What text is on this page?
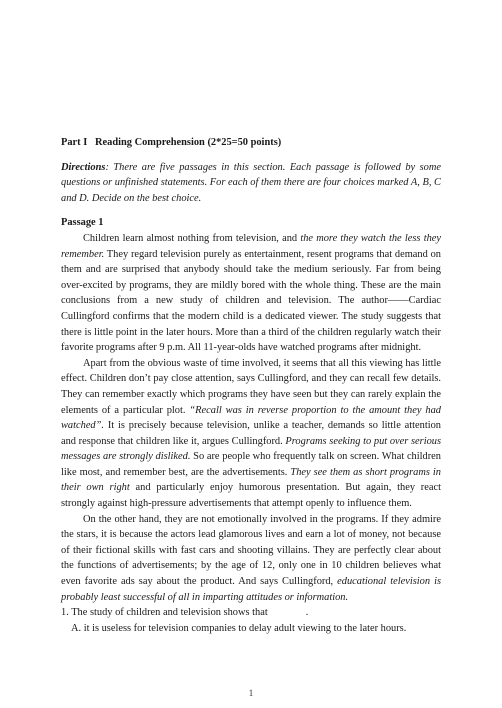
Part I   Reading Comprehension (2*25=50 points)
Directions: There are five passages in this section. Each passage is followed by some questions or unfinished statements. For each of them there are four choices marked A, B, C and D. Decide on the best choice.
Passage 1

Children learn almost nothing from television, and the more they watch the less they remember. They regard television purely as entertainment, resent programs that demand on them and are surprised that anybody should take the medium seriously. Far from being over-excited by programs, they are mildly bored with the whole thing. These are the main conclusions from a new study of children and television. The author——Cardiac Cullingford confirms that the modern child is a dedicated viewer. The study suggests that there is little point in the later hours. More than a third of the children regularly watch their favorite programs after 9 p.m. All 11-year-olds have watched programs after midnight.

Apart from the obvious waste of time involved, it seems that all this viewing has little effect. Children don’t pay close attention, says Cullingford, and they can recall few details. They can remember exactly which programs they have seen but they can rarely explain the elements of a particular plot. “Recall was in reverse proportion to the amount they had watched”. It is precisely because television, unlike a teacher, demands so little attention and response that children like it, argues Cullingford. Programs seeking to put over serious messages are strongly disliked. So are people who frequently talk on screen. What children like most, and remember best, are the advertisements. They see them as short programs in their own right and particularly enjoy humorous presentation. But again, they react strongly against high-pressure advertisements that attempt openly to influence them.

On the other hand, they are not emotionally involved in the programs. If they admire the stars, it is because the actors lead glamorous lives and earn a lot of money, not because of their fictional skills with fast cars and shooting villains. They are perfectly clear about the functions of advertisements; by the age of 12, only one in 10 children believes what even favorite ads say about the product. And says Cullingford, educational television is probably least successful of all in imparting attitudes or information.

1. The study of children and television shows that	.

A. it is useless for television companies to delay adult viewing to the later hours.

1
